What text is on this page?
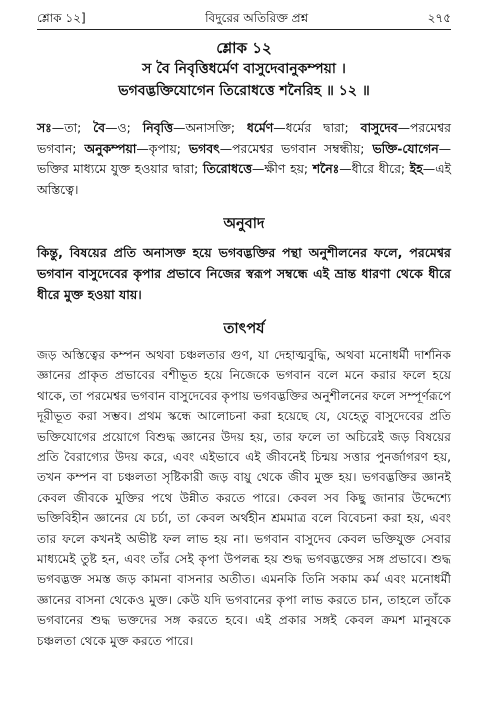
শ্লোক ১২]	বিদুরের অতিরিক্ত প্রশ্ন	২৭৫
শ্লোক ১২
স বৈ নিবৃত্তিধর্মেণ বাসুদেবানুকম্পয়া ।
ভগবদ্ভক্তিযোগেন তিরোধত্তে শনৈরিহ ॥ ১২ ॥
সঃ—তা; বৈ—ও; নিবৃত্তি—অনাসক্তি; ধর্মেণ—ধর্মের দ্বারা; বাসুদেব—পরমেশ্বর ভগবান; অনুকম্পয়া—কৃপায়; ভগবৎ—পরমেশ্বর ভগবান সম্বন্ধীয়; ভক্তি-যোগেন—ভক্তির মাধ্যমে যুক্ত হওয়ার দ্বারা; তিরোধত্তে—ক্ষীণ হয়; শনৈঃ—ধীরে ধীরে; ইহ—এই অস্তিত্বে।
অনুবাদ
কিন্তু, বিষয়ের প্রতি অনাসক্ত হয়ে ভগবদ্ভক্তির পন্থা অনুশীলনের ফলে, পরমেশ্বর ভগবান বাসুদেবের কৃপার প্রভাবে নিজের স্বরূপ সম্বন্ধে এই ভ্রান্ত ধারণা থেকে ধীরে ধীরে মুক্ত হওয়া যায়।
তাৎপর্য
জড় অস্তিত্বের কম্পন অথবা চঞ্চলতার গুণ, যা দেহাত্মবুদ্ধি, অথবা মনোধর্মী দার্শনিক জ্ঞানের প্রাকৃত প্রভাবের বশীভূত হয়ে নিজেকে ভগবান বলে মনে করার ফলে হয়ে থাকে, তা পরমেশ্বর ভগবান বাসুদেবের কৃপায় ভগবদ্ভক্তির অনুশীলনের ফলে সম্পূর্ণরূপে দূরীভূত করা সম্ভব। প্রথম স্কন্ধে আলোচনা করা হয়েছে যে, যেহেতু বাসুদেবের প্রতি ভক্তিযোগের প্রয়োগে বিশুদ্ধ জ্ঞানের উদয় হয়, তার ফলে তা অচিরেই জড় বিষয়ের প্রতি বৈরাগ্যের উদয় করে, এবং এইভাবে এই জীবনেই চিন্ময় সত্তার পুনর্জাগরণ হয়, তখন কম্পন বা চঞ্চলতা সৃষ্টিকারী জড় বায়ু থেকে জীব মুক্ত হয়। ভগবদ্ভক্তির জ্ঞানই কেবল জীবকে মুক্তির পথে উন্নীত করতে পারে। কেবল সব কিছু জানার উদ্দেশ্যে ভক্তিবিহীন জ্ঞানের যে চর্চা, তা কেবল অর্থহীন শ্রমমাত্র বলে বিবেচনা করা হয়, এবং তার ফলে কখনই অভীষ্ট ফল লাভ হয় না। ভগবান বাসুদেব কেবল ভক্তিযুক্ত সেবার মাধ্যমেই তুষ্ট হন, এবং তাঁর সেই কৃপা উপলব্ধ হয় শুদ্ধ ভগবদ্ভক্তের সঙ্গ প্রভাবে। শুদ্ধ ভগবদ্ভক্ত সমস্ত জড় কামনা বাসনার অতীত। এমনকি তিনি সকাম কর্ম এবং মনোধর্মী জ্ঞানের বাসনা থেকেও মুক্ত। কেউ যদি ভগবানের কৃপা লাভ করতে চান, তাহলে তাঁকে ভগবানের শুদ্ধ ভক্তদের সঙ্গ করতে হবে। এই প্রকার সঙ্গই কেবল ক্রমশ মানুষকে চঞ্চলতা থেকে মুক্ত করতে পারে।
